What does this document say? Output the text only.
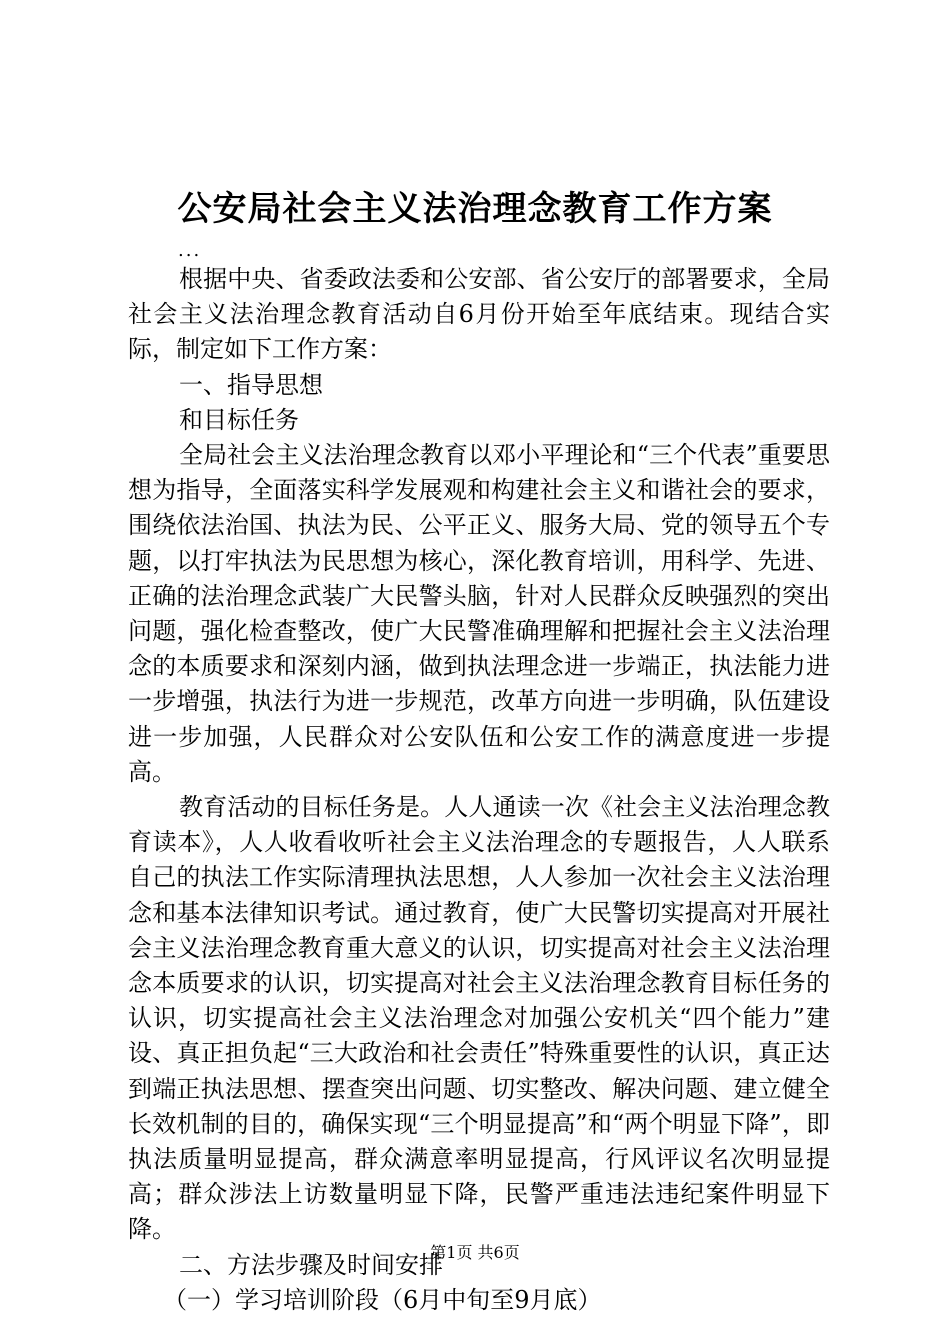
公安局社会主义法治理念教育工作方案
...

根据中央、省委政法委和公安部、省公安厅的部署要求，全局社会主义法治理念教育活动自6月份开始至年底结束。现结合实际，制定如下工作方案：

一、指导思想

和目标任务

全局社会主义法治理念教育以邓小平理论和“三个代表”重要思想为指导，全面落实科学发展观和构建社会主义和谐社会的要求，围绕依法治国、执法为民、公平正义、服务大局、党的领导五个专题，以打牢执法为民思想为核心，深化教育培训，用科学、先进、正确的法治理念武装广大民警头脑，针对人民群众反映强烈的突出问题，强化检查整改，使广大民警准确理解和把握社会主义法治理念的本质要求和深刻内涵，做到执法理念进一步端正，执法能力进一步增强，执法行为进一步规范，改革方向进一步明确，队伍建设进一步加强，人民群众对公安队伍和公安工作的满意度进一步提高。

教育活动的目标任务是。人人通读一次《社会主义法治理念教育读本》，人人收看收听社会主义法治理念的专题报告，人人联系自己的执法工作实际清理执法思想，人人参加一次社会主义法治理念和基本法律知识考试。通过教育，使广大民警切实提高对开展社会主义法治理念教育重大意义的认识，切实提高对社会主义法治理念本质要求的认识，切实提高对社会主义法治理念教育目标任务的认识，切实提高社会主义法治理念对加强公安机关“四个能力”建设、真正担负起“三大政治和社会责任”特殊重要性的认识，真正达到端正执法思想、摆查突出问题、切实整改、解决问题、建立健全长效机制的目的，确保实现“三个明显提高”和“两个明显下降”，即执法质量明显提高，群众满意率明显提高，行风评议名次明显提高；群众涉法上访数量明显下降，民警严重违法违纪案件明显下降。

二、方法步骤及时间安排

（一）学习培训阶段（6月中旬至9月底）

第1页 共6页
